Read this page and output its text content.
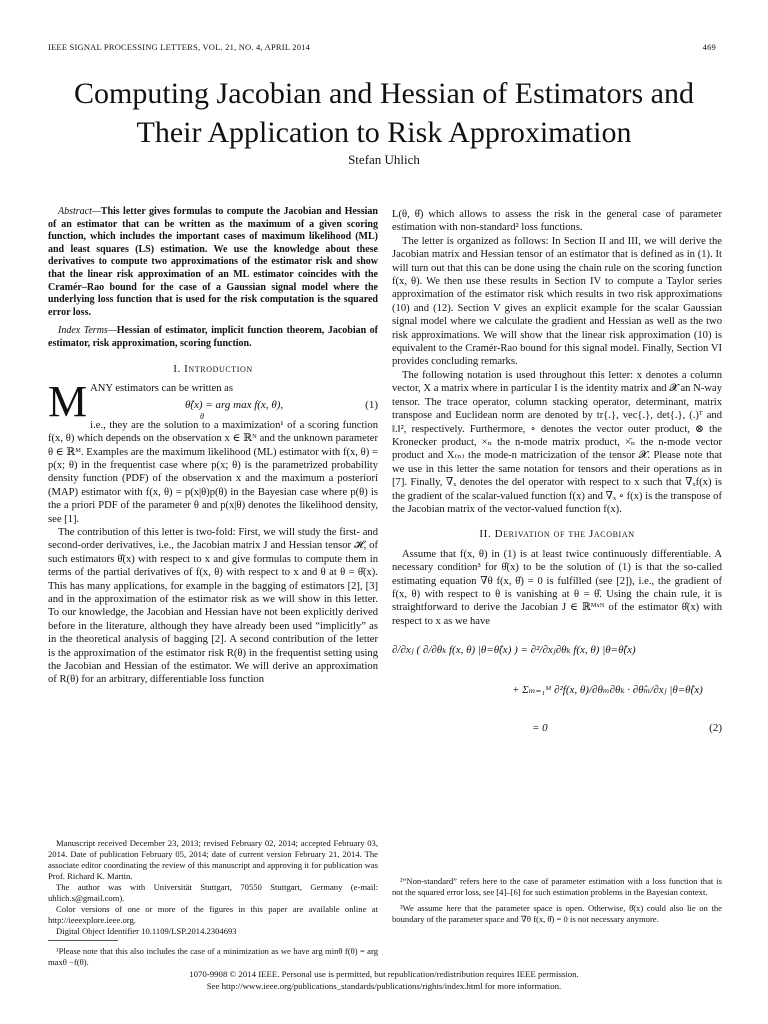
IEEE SIGNAL PROCESSING LETTERS, VOL. 21, NO. 4, APRIL 2014	469
Computing Jacobian and Hessian of Estimators and
Their Application to Risk Approximation
Stefan Uhlich
Abstract—This letter gives formulas to compute the Jacobian and Hessian of an estimator that can be written as the maximum of a given scoring function, which includes the important cases of maximum likelihood (ML) and least squares (LS) estimation. We use the knowledge about these derivatives to compute two approximations of the estimator risk and show that the linear risk approximation of an ML estimator coincides with the Cramér–Rao bound for the case of a Gaussian signal model where the underlying loss function that is used for the risk computation is the squared error loss.
Index Terms—Hessian of estimator, implicit function theorem, Jacobian of estimator, risk approximation, scoring function.
I. Introduction

MANY estimators can be written as

θ̂(x) = arg max f(x, θ),
θ
(1)

i.e., they are the solution to a maximization¹ of a scoring function f(x, θ) which depends on the observation x ∈ ℝᴺ and the unknown parameter θ ∈ ℝᴹ. Examples are the maximum likelihood (ML) estimator with f(x, θ) = p(x; θ) in the frequentist case where p(x; θ) is the parametrized probability density function (PDF) of the observation x and the maximum a posteriori (MAP) estimator with f(x, θ) = p(x|θ)p(θ) in the Bayesian case where p(θ) is the a priori PDF of the parameter θ and p(x|θ) denotes the likelihood density, see [1].

The contribution of this letter is two-fold: First, we will study the first- and second-order derivatives, i.e., the Jacobian matrix J and Hessian tensor 𝓗, of such estimators θ̂(x) with respect to x and give formulas to compute them in terms of the partial derivatives of f(x, θ) with respect to x and θ at θ = θ̂(x). This has many applications, for example in the bagging of estimators [2], [3] and in the approximation of the estimator risk as we will show in this letter. To our knowledge, the Jacobian and Hessian have not been explicitly derived before in the literature, although they have already been used “implicitly” as in the theoretical analysis of bagging [2]. A second contribution of the letter is the approximation of the estimator risk R(θ) in the frequentist setting using the Jacobian and Hessian of the estimator. We will derive an approximation of R(θ) for an arbitrary, differentiable loss function

L(θ, θ̂) which allows to assess the risk in the general case of parameter estimation with non-standard² loss functions.

The letter is organized as follows: In Section II and III, we will derive the Jacobian matrix and Hessian tensor of an estimator that is defined as in (1). It will turn out that this can be done using the chain rule on the scoring function f(x, θ). We then use these results in Section IV to compute a Taylor series approximation of the estimator risk which results in two risk approximations (10) and (12). Section V gives an explicit example for the scalar Gaussian signal model where we calculate the gradient and Hessian as well as the two risk approximations. We will show that the linear risk approximation (10) is equivalent to the Cramér-Rao bound for this signal model. Finally, Section VI provides concluding remarks.

The following notation is used throughout this letter: x denotes a column vector, X a matrix where in particular I is the identity matrix and 𝓧 an N-way tensor. The trace operator, column stacking operator, determinant, matrix transpose and Euclidean norm are denoted by tr{.}, vec{.}, det{.}, (.)ᵀ and ‖.‖², respectively. Furthermore, ∘ denotes the vector outer product, ⊗ the Kronecker product, ×ₙ the n-mode matrix product, ×̄ₙ the n-mode vector product and X₍ₙ₎ the mode-n matricization of the tensor 𝓧. Please note that we use in this letter the same notation for tensors and their operations as in [7]. Finally, ∇ₓ denotes the del operator with respect to x such that ∇ₓf(x) is the gradient of the scalar-valued function f(x) and ∇ₓ ∘ f(x) is the transpose of the Jacobian matrix of the vector-valued function f(x).

II. Derivation of the Jacobian

Assume that f(x, θ) in (1) is at least twice continuously differentiable. A necessary condition³ for θ̂(x) to be the solution of (1) is that the so-called estimating equation ∇θ f(x, θ̂) = 0 is fulfilled (see [2]), i.e., the gradient of f(x, θ) with respect to θ is vanishing at θ = θ̂. Using the chain rule, it is straightforward to derive the Jacobian J ∈ ℝᴹˣᴺ of the estimator θ̂(x) with respect to x as we have

∂/∂xⱼ ( ∂/∂θₖ f(x, θ) |θ=θ̂(x) ) = ∂²/∂xⱼ∂θₖ f(x, θ) |θ=θ̂(x)
+ Σₘ₌₁ᴹ ∂²f(x, θ)/∂θₘ∂θₖ · ∂θ̂ₘ/∂xⱼ |θ=θ̂(x)
= 0	(2)

Manuscript received December 23, 2013; revised February 02, 2014; accepted February 03, 2014. Date of publication February 05, 2014; date of current version February 21, 2014. The associate editor coordinating the review of this manuscript and approving it for publication was Prof. Richard K. Martin.

The author was with Universität Stuttgart, 70550 Stuttgart, Germany (e-mail: uhlich.s@gmail.com).

Color versions of one or more of the figures in this paper are available online at http://ieeexplore.ieee.org.

Digital Object Identifier 10.1109/LSP.2014.2304693

¹Please note that this also includes the case of a minimization as we have arg minθ f(θ) = arg maxθ −f(θ).

²“Non-standard” refers here to the case of parameter estimation with a loss function that is not the squared error loss, see [4]–[6] for such estimation problems in the Bayesian context.

³We assume here that the parameter space is open. Otherwise, θ̂(x) could also lie on the boundary of the parameter space and ∇θ f(x, θ̂) = 0 is not necessary anymore.

1070-9908 © 2014 IEEE. Personal use is permitted, but republication/redistribution requires IEEE permission.
See http://www.ieee.org/publications_standards/publications/rights/index.html for more information.
